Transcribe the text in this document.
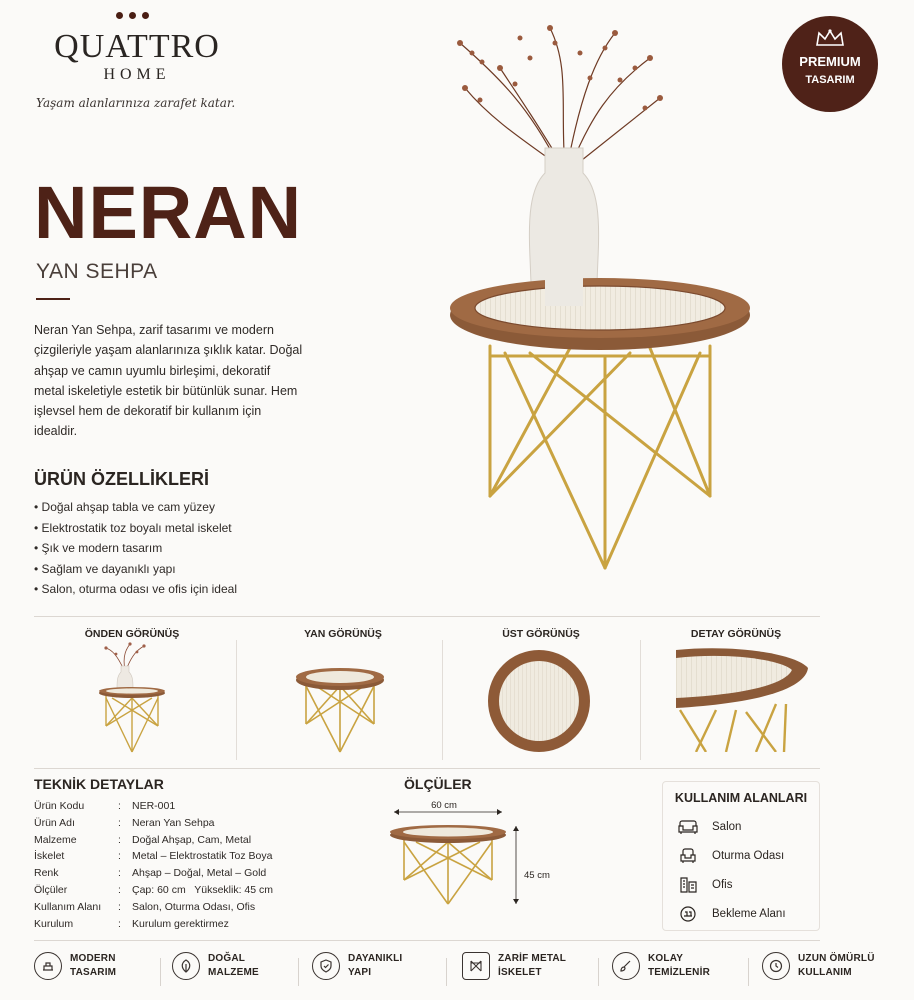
QUATTRO
HOME
Yaşam alanlarınıza zarafet katar.
PREMIUM
TASARIM
NERAN
YAN SEHPA
Neran Yan Sehpa, zarif tasarımı ve modern çizgileriyle yaşam alanlarınıza şıklık katar. Doğal ahşap ve camın uyumlu birleşimi, dekoratif metal iskeletiyle estetik bir bütünlük sunar. Hem işlevsel hem de dekoratif bir kullanım için idealdir.
ÜRÜN ÖZELLİKLERİ
• Doğal ahşap tabla ve cam yüzey
• Elektrostatik toz boyalı metal iskelet
• Şık ve modern tasarım
• Sağlam ve dayanıklı yapı
• Salon, oturma odası ve ofis için ideal
ÖNDEN GÖRÜNÜŞ	YAN GÖRÜNÜŞ	ÜST GÖRÜNÜŞ	DETAY GÖRÜNÜŞ
TEKNİK DETAYLAR
Ürün Kodu	:	NER-001
Ürün Adı	:	Neran Yan Sehpa
Malzeme	:	Doğal Ahşap, Cam, Metal
İskelet	:	Metal – Elektrostatik Toz Boya
Renk	:	Ahşap – Doğal, Metal – Gold
Ölçüler	:	Çap: 60 cm   Yükseklik: 45 cm
Kullanım Alanı	:	Salon, Oturma Odası, Ofis
Kurulum	:	Kurulum gerektirmez
ÖLÇÜLER
60 cm
45 cm
KULLANIM ALANLARI
Salon
Oturma Odası
Ofis
Bekleme Alanı
MODERN
TASARIM
DOĞAL
MALZEME
DAYANIKLI
YAPI
ZARİF METAL
İSKELET
KOLAY
TEMİZLENİR
UZUN ÖMÜRLÜ
KULLANIM
